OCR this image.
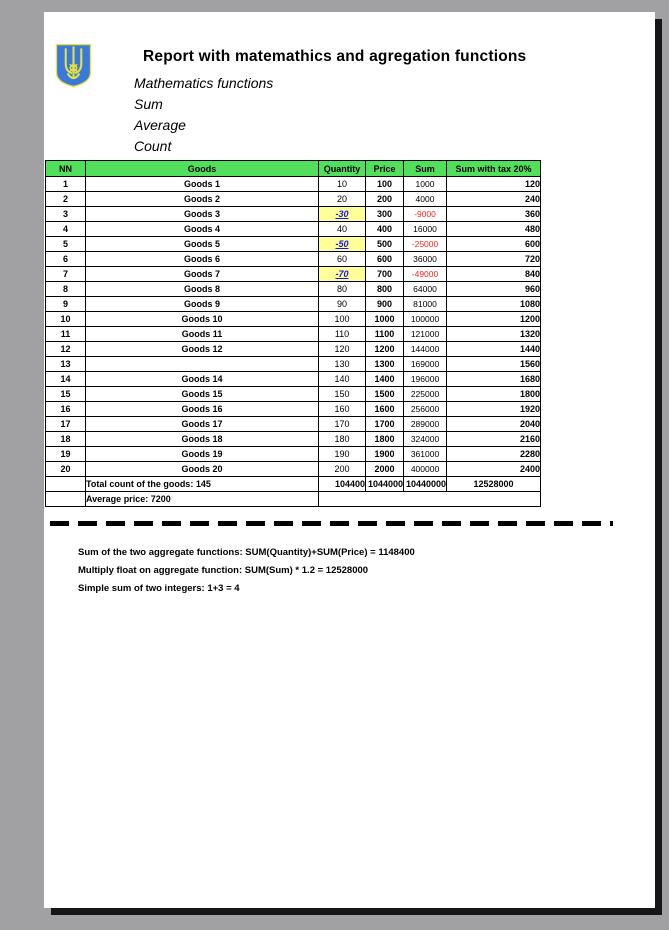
Report with matemathics and agregation functions
Mathematics functions
Sum
Average
Count
NN	Goods	Quantity	Price	Sum	Sum with tax 20%
1	Goods 1	10	100	1000	120
2	Goods 2	20	200	4000	240
3	Goods 3	-30	300	-9000	360
4	Goods 4	40	400	16000	480
5	Goods 5	-50	500	-25000	600
6	Goods 6	60	600	36000	720
7	Goods 7	-70	700	-49000	840
8	Goods 8	80	800	64000	960
9	Goods 9	90	900	81000	1080
10	Goods 10	100	1000	100000	1200
11	Goods 11	110	1100	121000	1320
12	Goods 12	120	1200	144000	1440
13		130	1300	169000	1560
14	Goods 14	140	1400	196000	1680
15	Goods 15	150	1500	225000	1800
16	Goods 16	160	1600	256000	1920
17	Goods 17	170	1700	289000	2040
18	Goods 18	180	1800	324000	2160
19	Goods 19	190	1900	361000	2280
20	Goods 20	200	2000	400000	2400
	Total count of the goods: 145	104400	1044000	10440000	12528000
	Average price: 7200				
Sum of the two aggregate functions: SUM(Quantity)+SUM(Price) = 1148400
Multiply float on aggregate function: SUM(Sum) * 1.2 = 12528000
Simple sum of two integers: 1+3 = 4
